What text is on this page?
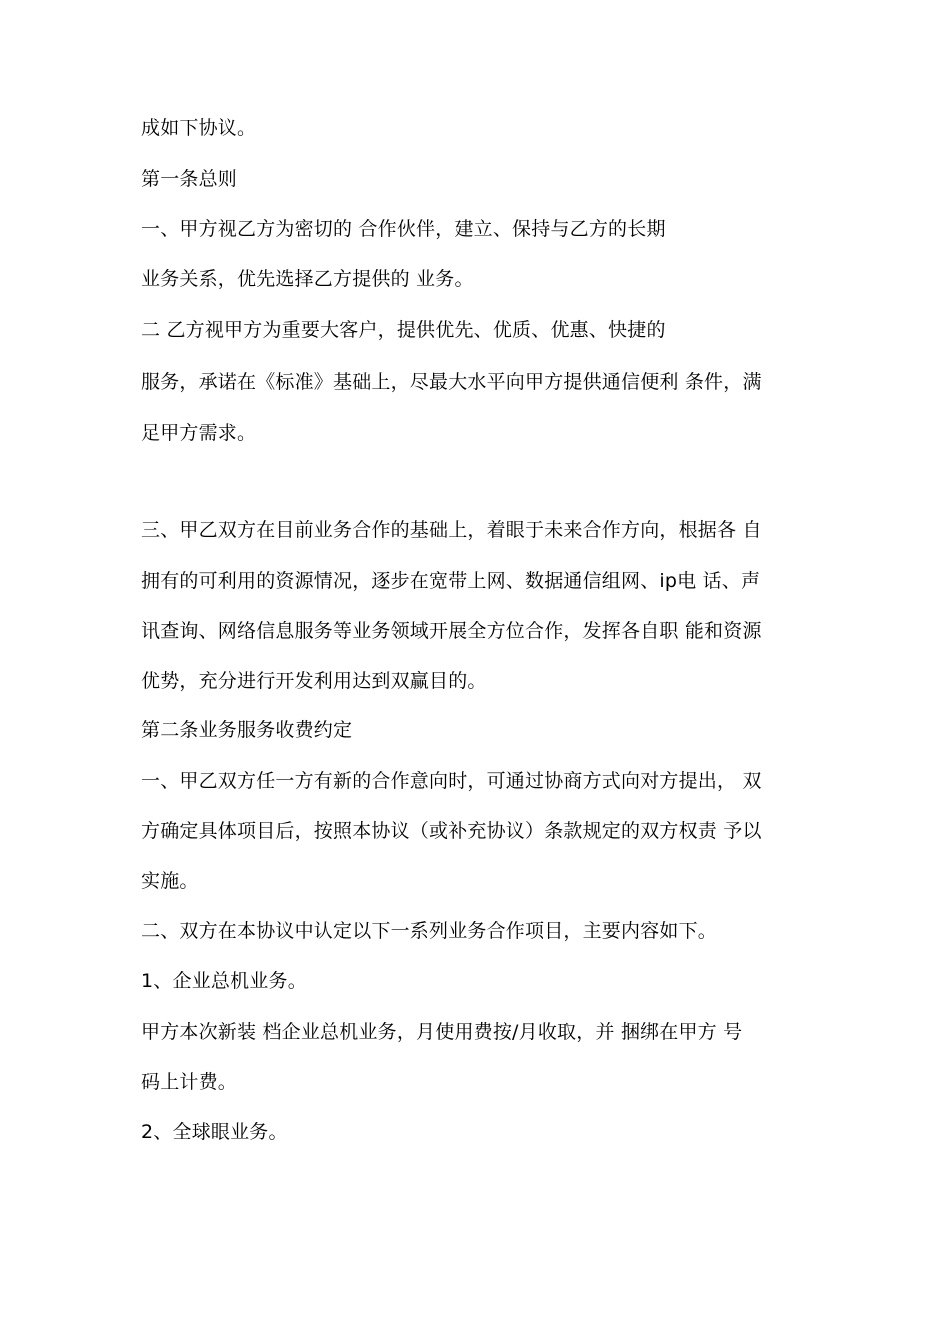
成如下协议。
第一条总则
一、甲方视乙方为密切的 合作伙伴，建立、保持与乙方的长期
业务关系，优先选择乙方提供的 业务。
二 乙方视甲方为重要大客户，提供优先、优质、优惠、快捷的
服务，承诺在《标准》基础上，尽最大水平向甲方提供通信便利 条件，满
足甲方需求。
三、甲乙双方在目前业务合作的基础上，着眼于未来合作方向，根据各 自
拥有的可利用的资源情况，逐步在宽带上网、数据通信组网、ip电 话、声
讯查询、网络信息服务等业务领域开展全方位合作，发挥各自职 能和资源
优势，充分进行开发利用达到双赢目的。
第二条业务服务收费约定
一、甲乙双方任一方有新的合作意向时，可通过协商方式向对方提出， 双
方确定具体项目后，按照本协议（或补充协议）条款规定的双方权责 予以
实施。
二、双方在本协议中认定以下一系列业务合作项目，主要内容如下。
1、企业总机业务。
甲方本次新装 档企业总机业务，月使用费按/月收取，并 捆绑在甲方 号
码上计费。
2、全球眼业务。
